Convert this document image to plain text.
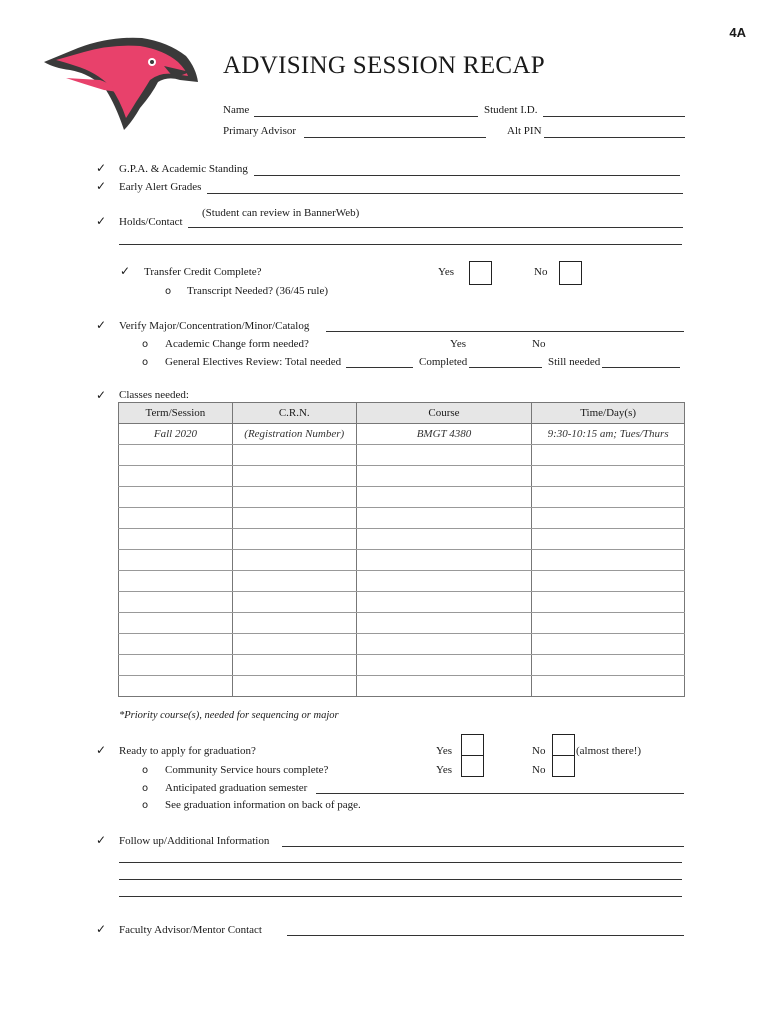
4A
ADVISING SESSION RECAP
Name	Student I.D.
Primary Advisor	Alt PIN
✓ G.P.A. & Academic Standing
✓ Early Alert Grades
(Student can review in BannerWeb)
✓ Holds/Contact
✓ Transfer Credit Complete?	Yes	No
o Transcript Needed? (36/45 rule)
✓ Verify Major/Concentration/Minor/Catalog
o Academic Change form needed?	Yes	No
o General Electives Review: Total needed	Completed	Still needed
✓ Classes needed:
Term/Session	C.R.N.	Course	Time/Day(s)
Fall 2020	(Registration Number)	BMGT 4380	9:30-10:15 am; Tues/Thurs

*Priority course(s), needed for sequencing or major
✓ Ready to apply for graduation?	Yes	No	(almost there!)
o Community Service hours complete?	Yes	No
o Anticipated graduation semester
o See graduation information on back of page.
✓ Follow up/Additional Information
✓ Faculty Advisor/Mentor Contact
